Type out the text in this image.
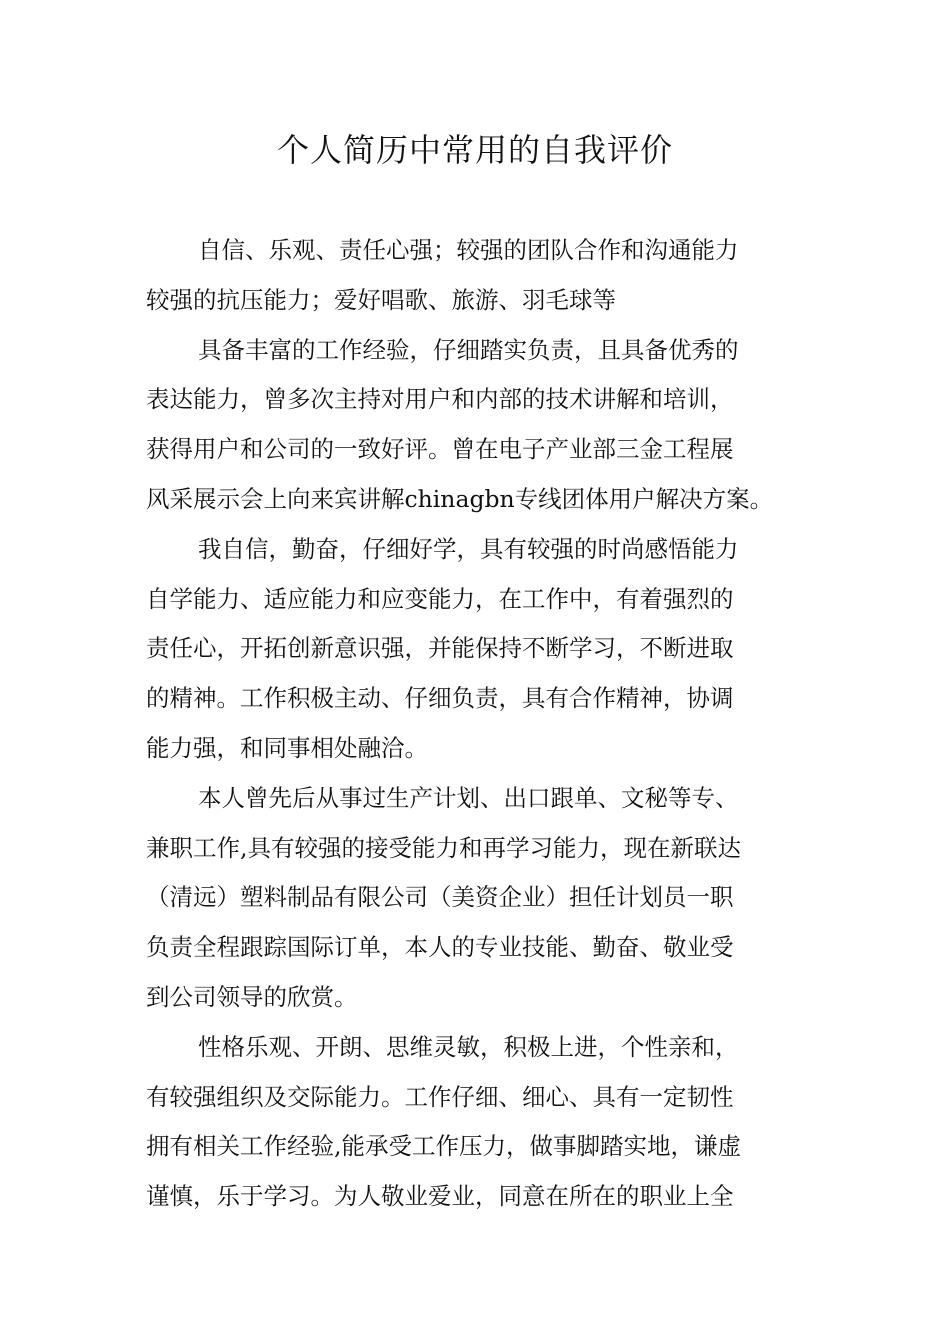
个人简历中常用的自我评价
自信、乐观、责任心强；较强的团队合作和沟通能力
较强的抗压能力；爱好唱歌、旅游、羽毛球等
具备丰富的工作经验，仔细踏实负责，且具备优秀的
表达能力，曾多次主持对用户和内部的技术讲解和培训，
获得用户和公司的一致好评。曾在电子产业部三金工程展
风采展示会上向来宾讲解chinagbn专线团体用户解决方案。
我自信，勤奋，仔细好学，具有较强的时尚感悟能力
自学能力、适应能力和应变能力，在工作中，有着强烈的
责任心，开拓创新意识强，并能保持不断学习，不断进取
的精神。工作积极主动、仔细负责，具有合作精神，协调
能力强，和同事相处融洽。
本人曾先后从事过生产计划、出口跟单、文秘等专、
兼职工作,具有较强的接受能力和再学习能力，现在新联达
（清远）塑料制品有限公司（美资企业）担任计划员一职
负责全程跟踪国际订单，本人的专业技能、勤奋、敬业受
到公司领导的欣赏。
性格乐观、开朗、思维灵敏，积极上进，个性亲和，
有较强组织及交际能力。工作仔细、细心、具有一定韧性
拥有相关工作经验,能承受工作压力，做事脚踏实地，谦虚
谨慎，乐于学习。为人敬业爱业，同意在所在的职业上全
